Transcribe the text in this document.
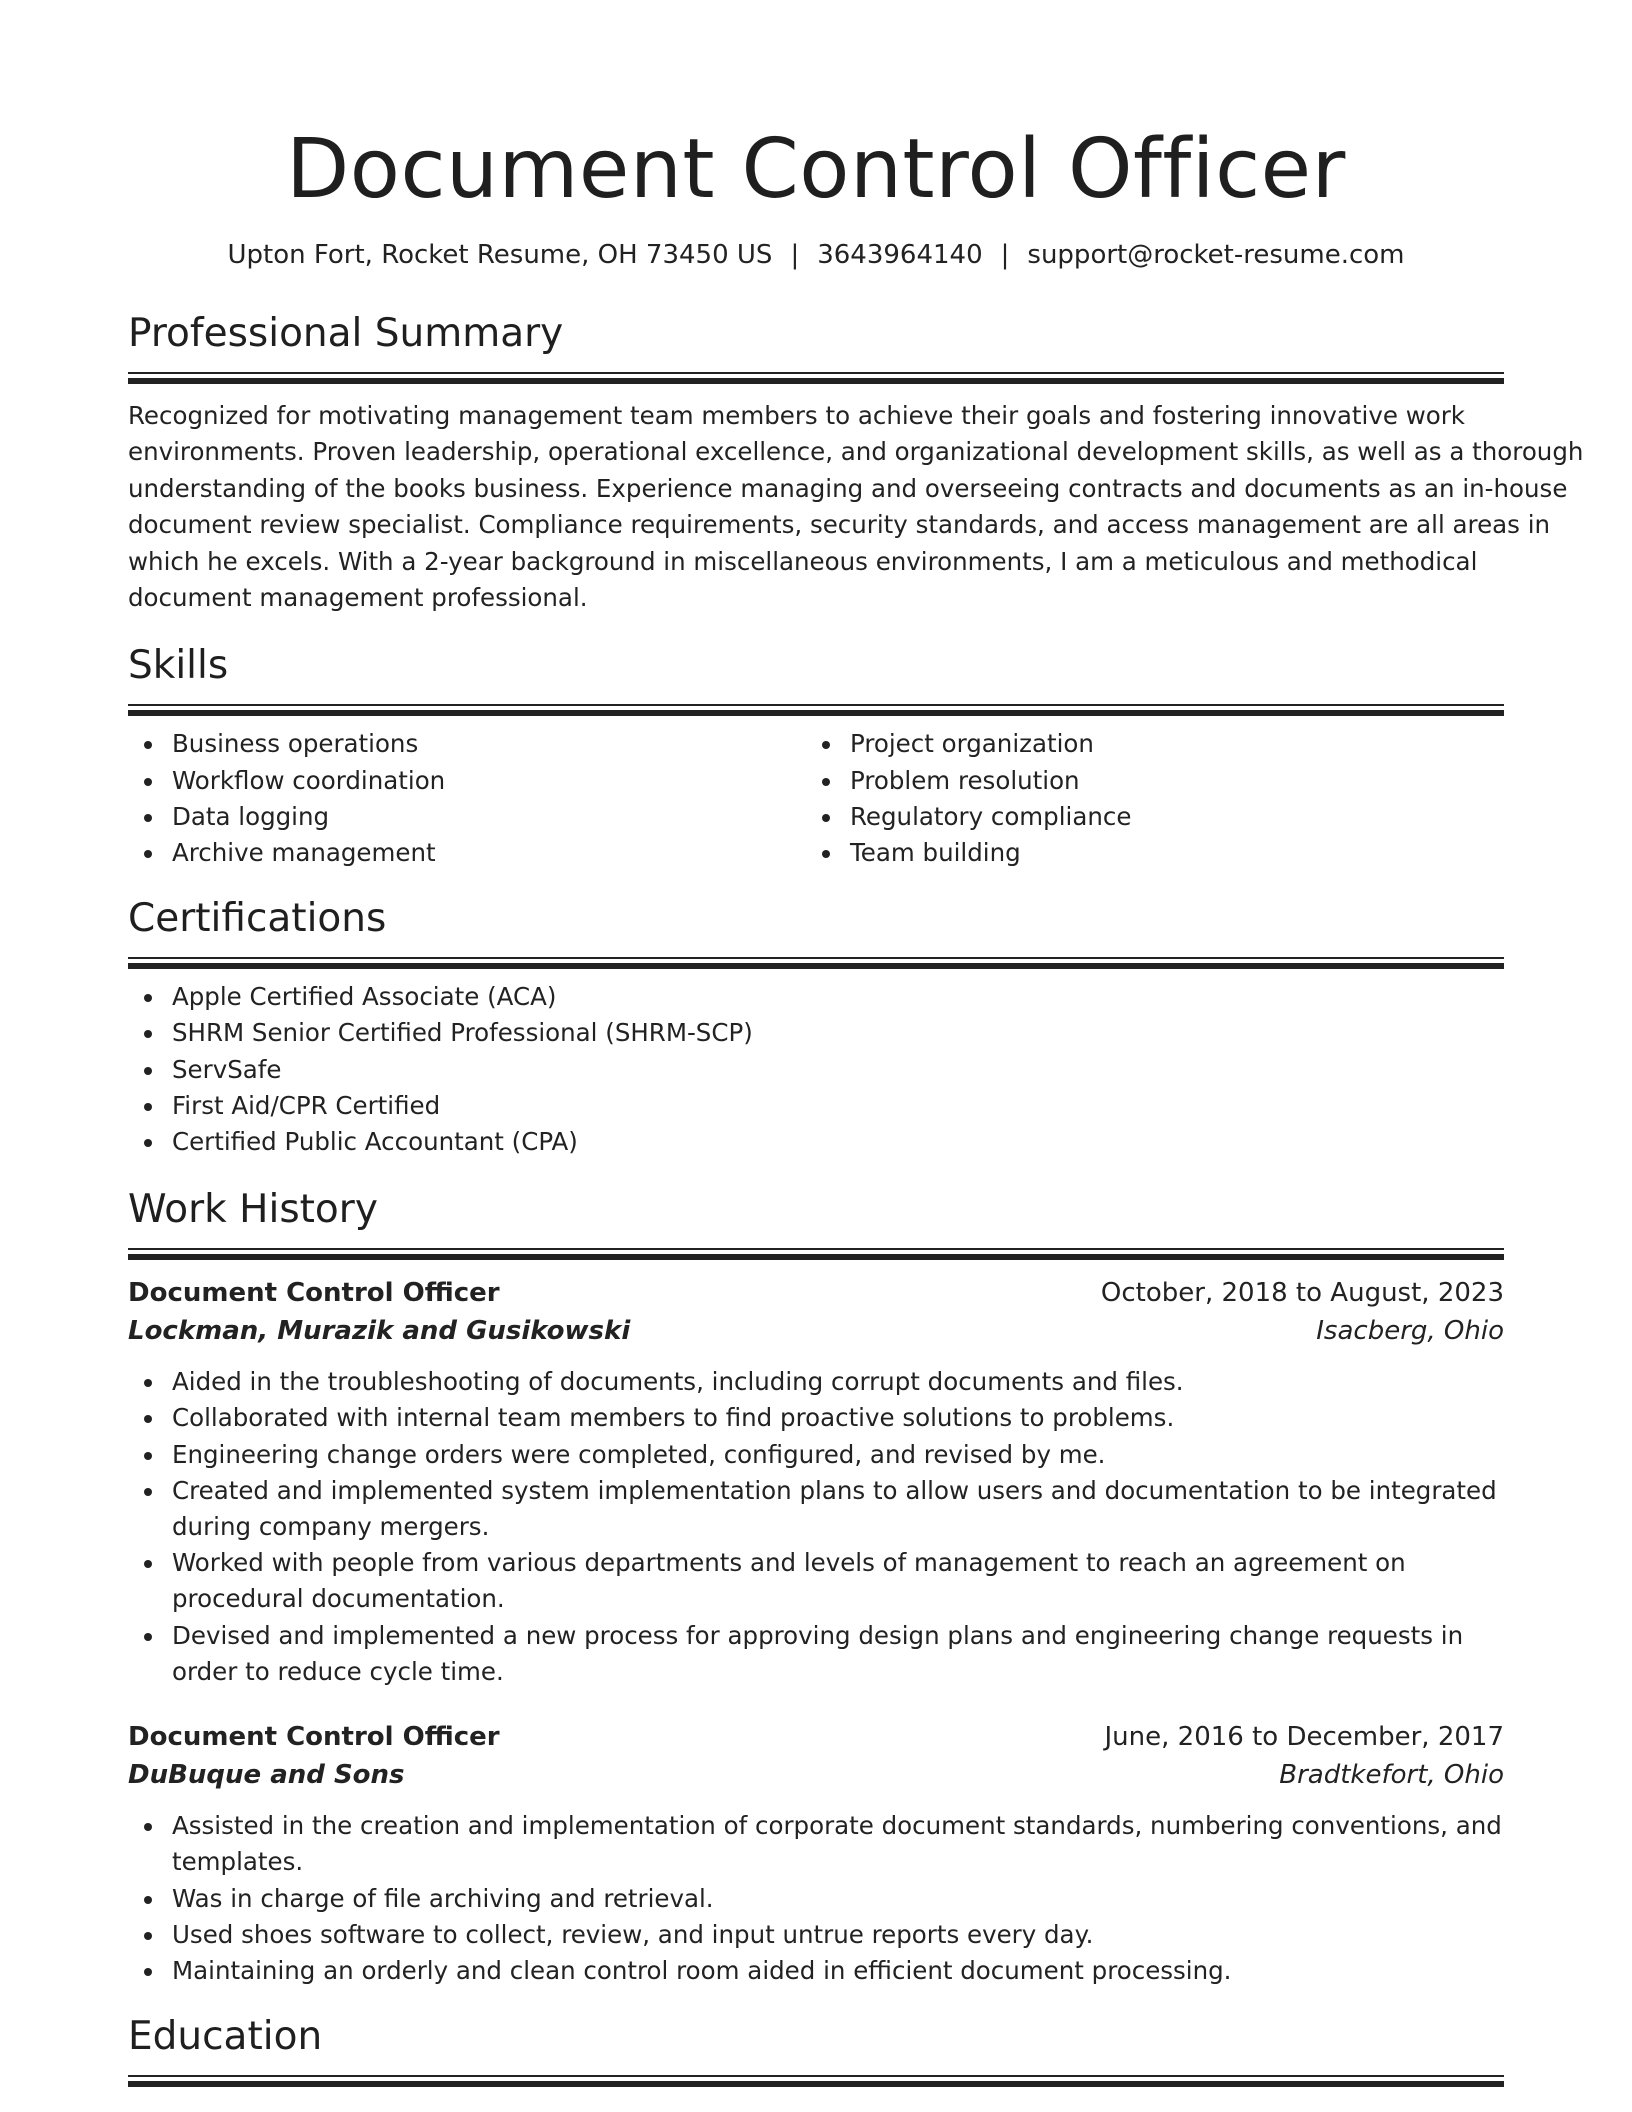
Document Control Officer
Upton Fort, Rocket Resume, OH 73450 US | 3643964140 | support@rocket-resume.com
Professional Summary
Recognized for motivating management team members to achieve their goals and fostering innovative work
environments. Proven leadership, operational excellence, and organizational development skills, as well as a thorough
understanding of the books business. Experience managing and overseeing contracts and documents as an in-house
document review specialist. Compliance requirements, security standards, and access management are all areas in
which he excels. With a 2-year background in miscellaneous environments, I am a meticulous and methodical
document management professional.
Skills
Business operations
Workflow coordination
Data logging
Archive management
Project organization
Problem resolution
Regulatory compliance
Team building
Certifications
Apple Certified Associate (ACA)
SHRM Senior Certified Professional (SHRM-SCP)
ServSafe
First Aid/CPR Certified
Certified Public Accountant (CPA)
Work History
Document Control Officer	October, 2018 to August, 2023
Lockman, Murazik and Gusikowski	Isacberg, Ohio
Aided in the troubleshooting of documents, including corrupt documents and files.
Collaborated with internal team members to find proactive solutions to problems.
Engineering change orders were completed, configured, and revised by me.
Created and implemented system implementation plans to allow users and documentation to be integrated during company mergers.
Worked with people from various departments and levels of management to reach an agreement on procedural documentation.
Devised and implemented a new process for approving design plans and engineering change requests in order to reduce cycle time.
Document Control Officer	June, 2016 to December, 2017
DuBuque and Sons	Bradtkefort, Ohio
Assisted in the creation and implementation of corporate document standards, numbering conventions, and templates.
Was in charge of file archiving and retrieval.
Used shoes software to collect, review, and input untrue reports every day.
Maintaining an orderly and clean control room aided in efficient document processing.
Education
